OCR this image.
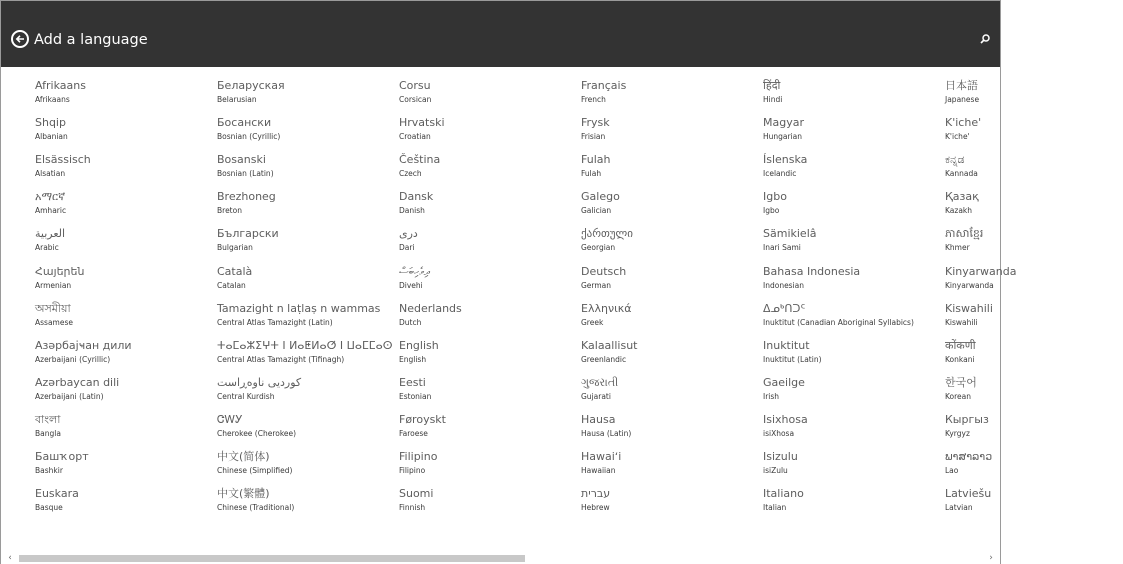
Add a language
Afrikaans
Afrikaans
Shqip
Albanian
Elsässisch
Alsatian
አማርኛ
Amharic
العربية
Arabic
Հայերեն
Armenian
অসমীয়া
Assamese
Азәрбајҹан дили
Azerbaijani (Cyrillic)
Azərbaycan dili
Azerbaijani (Latin)
বাংলা
Bangla
Башҡорт
Bashkir
Euskara
Basque
Беларуская
Belarusian
Босански
Bosnian (Cyrillic)
Bosanski
Bosnian (Latin)
Brezhoneg
Breton
Български
Bulgarian
Català
Catalan
Tamazight n laṭlaṣ n wammas
Central Atlas Tamazight (Latin)
ⵜⴰⵎⴰⵣⵉⵖⵜ ⵏ ⵍⴰⵟⵍⴰⵚ ⵏ ⵡⴰⵎⵎⴰⵙ
Central Atlas Tamazight (Tifinagh)
کوردیی ناوەڕاست
Central Kurdish
ᏣᎳᎩ
Cherokee (Cherokee)
中文(简体)
Chinese (Simplified)
中文(繁體)
Chinese (Traditional)
Corsu
Corsican
Hrvatski
Croatian
Čeština
Czech
Dansk
Danish
درى
Dari
ދިވެހިބަސް
Divehi
Nederlands
Dutch
English
English
Eesti
Estonian
Føroyskt
Faroese
Filipino
Filipino
Suomi
Finnish
Français
French
Frysk
Frisian
Fulah
Fulah
Galego
Galician
ქართული
Georgian
Deutsch
German
Ελληνικά
Greek
Kalaallisut
Greenlandic
ગુજરાતી
Gujarati
Hausa
Hausa (Latin)
Hawaiʻi
Hawaiian
עברית
Hebrew
हिंदी
Hindi
Magyar
Hungarian
Íslenska
Icelandic
Igbo
Igbo
Sämikielâ
Inari Sami
Bahasa Indonesia
Indonesian
ᐃᓄᒃᑎᑐᑦ
Inuktitut (Canadian Aboriginal Syllabics)
Inuktitut
Inuktitut (Latin)
Gaeilge
Irish
Isixhosa
isiXhosa
Isizulu
isiZulu
Italiano
Italian
日本語
Japanese
K'iche'
K'iche'
ಕನ್ನಡ
Kannada
Қазақ
Kazakh
ភាសាខ្មែរ
Khmer
Kinyarwanda
Kinyarwanda
Kiswahili
Kiswahili
कोंकणी
Konkani
한국어
Korean
Кыргыз
Kyrgyz
ພາສາລາວ
Lao
Latviešu
Latvian
‹	›
